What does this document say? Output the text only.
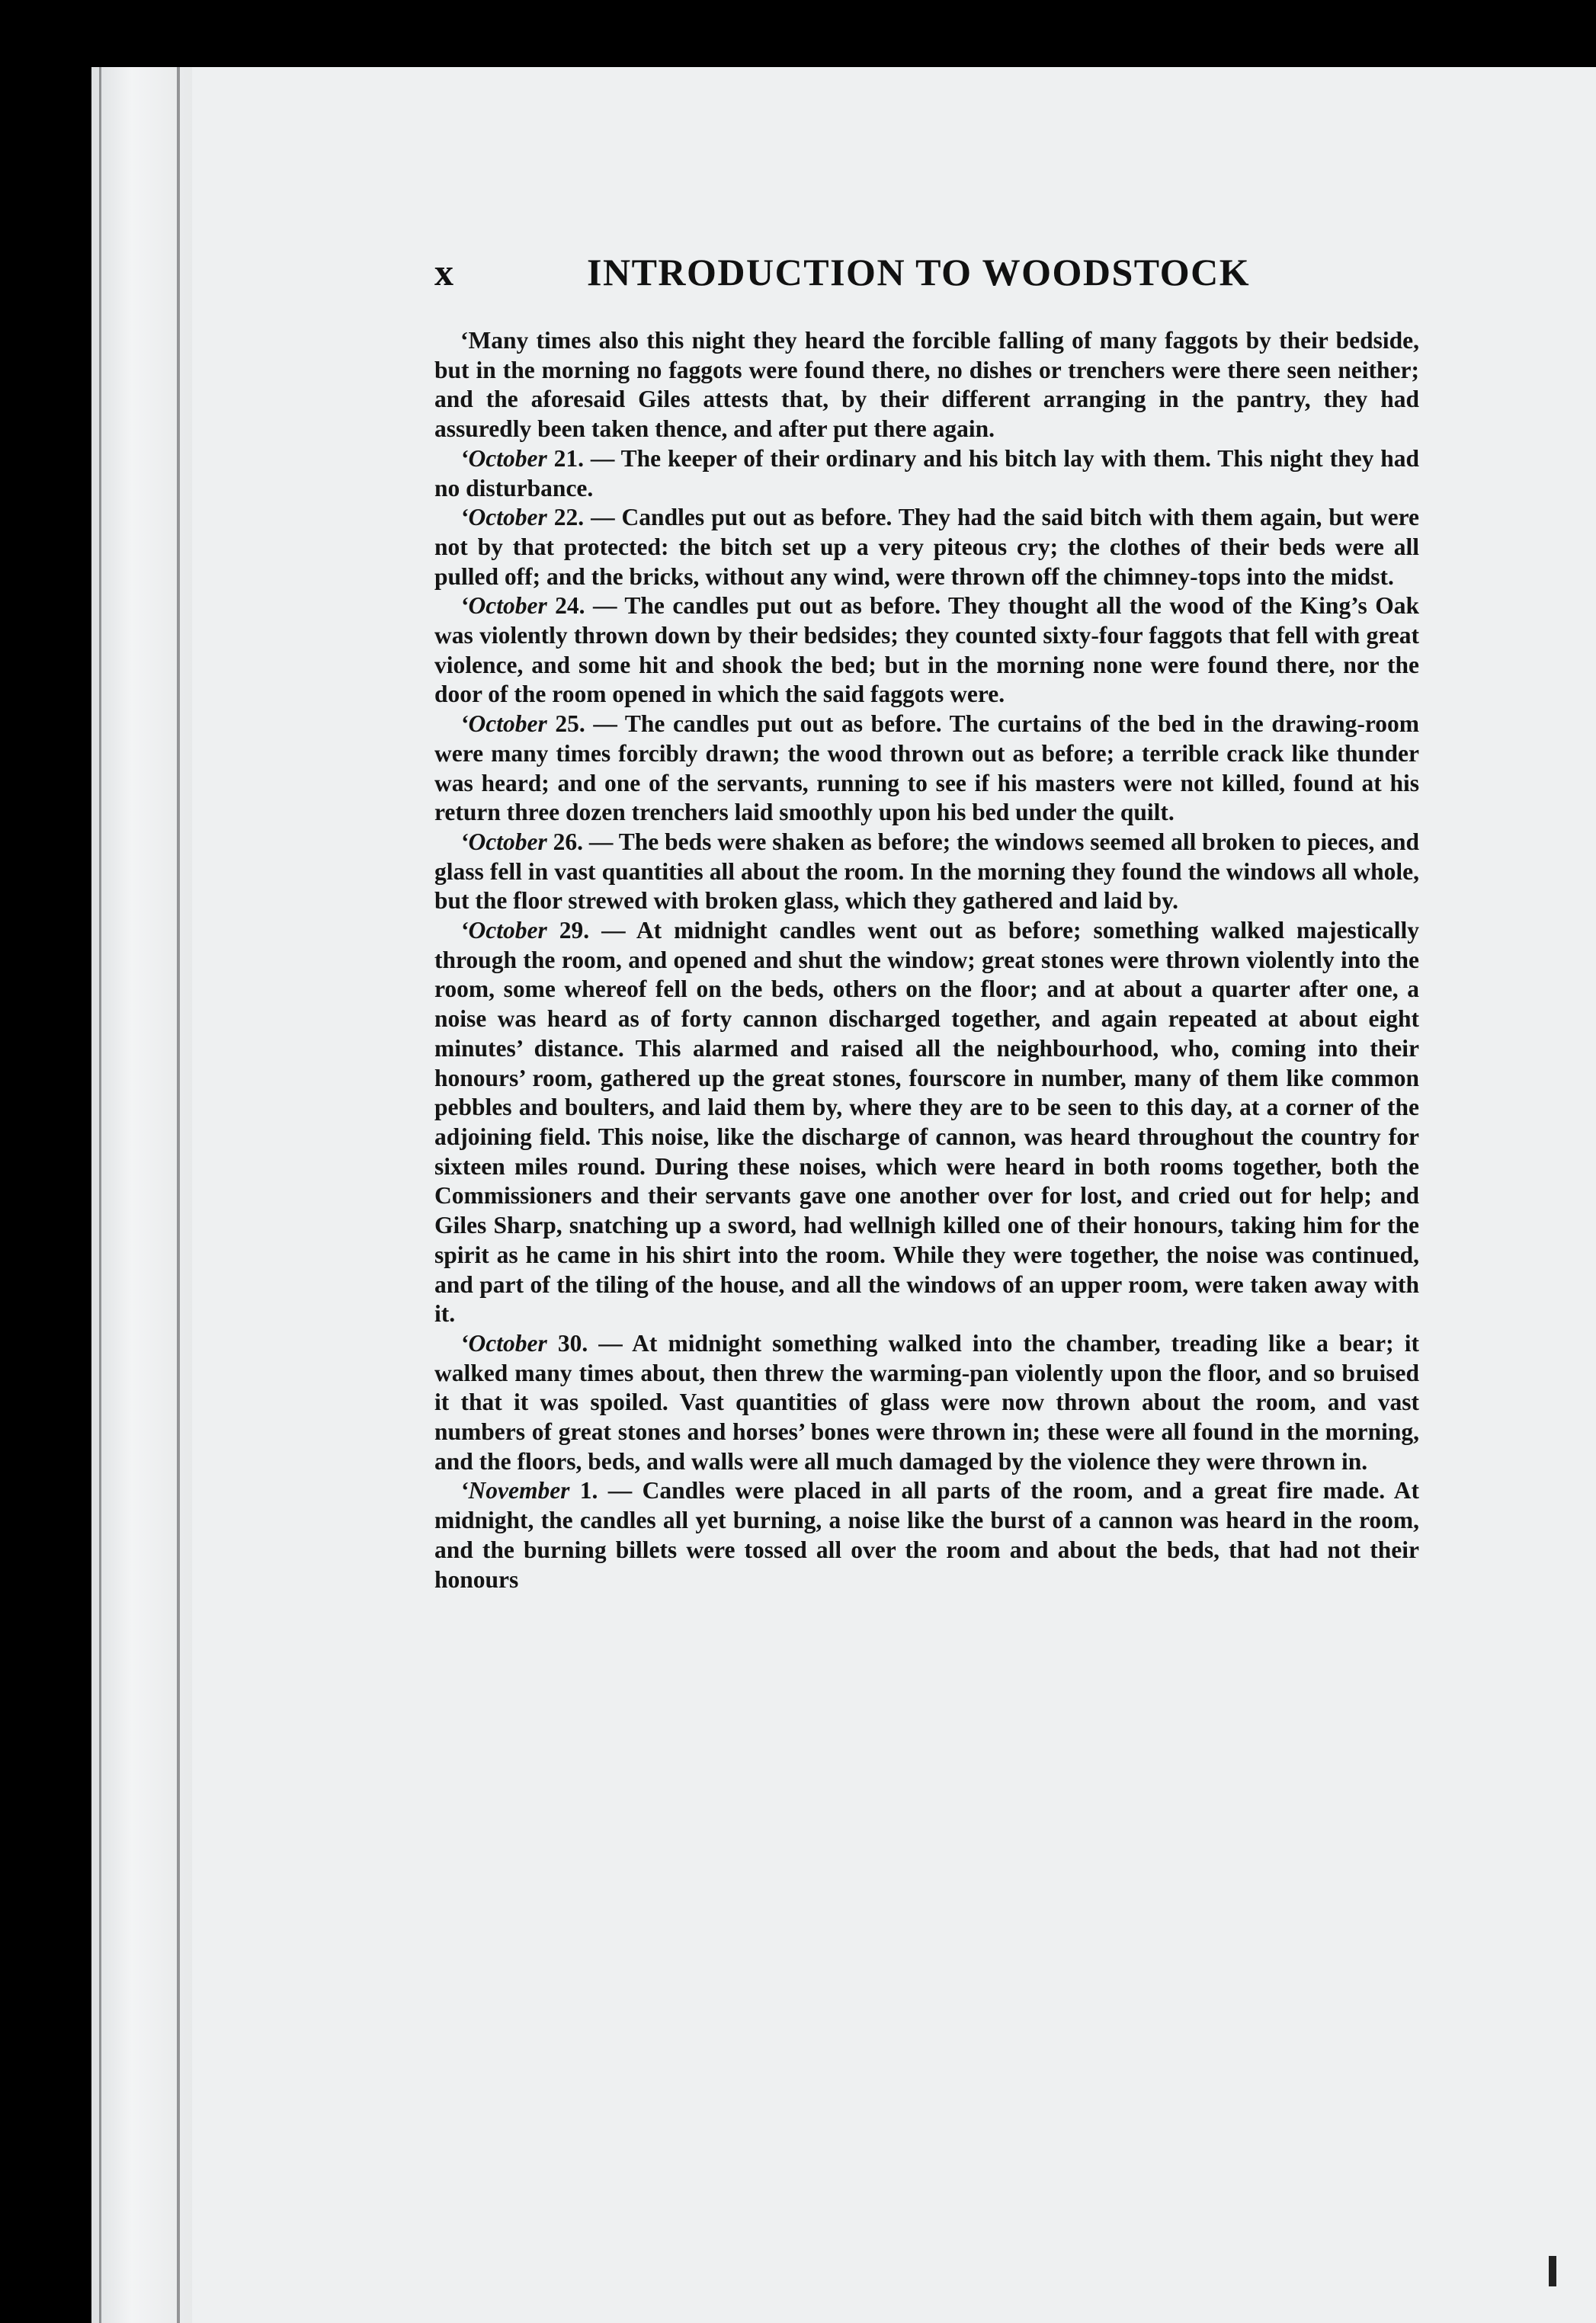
x	INTRODUCTION TO WOODSTOCK

‘Many times also this night they heard the forcible falling of many faggots by their bedside, but in the morning no faggots were found there, no dishes or trenchers were there seen neither; and the aforesaid Giles attests that, by their different arranging in the pantry, they had assuredly been taken thence, and after put there again.

‘October 21. — The keeper of their ordinary and his bitch lay with them. This night they had no disturbance.

‘October 22. — Candles put out as before. They had the said bitch with them again, but were not by that protected: the bitch set up a very piteous cry; the clothes of their beds were all pulled off; and the bricks, without any wind, were thrown off the chimney-tops into the midst.

‘October 24. — The candles put out as before. They thought all the wood of the King’s Oak was violently thrown down by their bedsides; they counted sixty-four faggots that fell with great violence, and some hit and shook the bed; but in the morning none were found there, nor the door of the room opened in which the said faggots were.

‘October 25. — The candles put out as before. The curtains of the bed in the drawing-room were many times forcibly drawn; the wood thrown out as before; a terrible crack like thunder was heard; and one of the servants, running to see if his masters were not killed, found at his return three dozen trenchers laid smoothly upon his bed under the quilt.

‘October 26. — The beds were shaken as before; the windows seemed all broken to pieces, and glass fell in vast quantities all about the room. In the morning they found the windows all whole, but the floor strewed with broken glass, which they gathered and laid by.

‘October 29. — At midnight candles went out as before; something walked majestically through the room, and opened and shut the window; great stones were thrown violently into the room, some whereof fell on the beds, others on the floor; and at about a quarter after one, a noise was heard as of forty cannon discharged together, and again repeated at about eight minutes’ distance. This alarmed and raised all the neighbourhood, who, coming into their honours’ room, gathered up the great stones, fourscore in number, many of them like common pebbles and boulters, and laid them by, where they are to be seen to this day, at a corner of the adjoining field. This noise, like the discharge of cannon, was heard throughout the country for sixteen miles round. During these noises, which were heard in both rooms together, both the Commissioners and their servants gave one another over for lost, and cried out for help; and Giles Sharp, snatching up a sword, had wellnigh killed one of their honours, taking him for the spirit as he came in his shirt into the room. While they were together, the noise was continued, and part of the tiling of the house, and all the windows of an upper room, were taken away with it.

‘October 30. — At midnight something walked into the chamber, treading like a bear; it walked many times about, then threw the warming-pan violently upon the floor, and so bruised it that it was spoiled. Vast quantities of glass were now thrown about the room, and vast numbers of great stones and horses’ bones were thrown in; these were all found in the morning, and the floors, beds, and walls were all much damaged by the violence they were thrown in.

‘November 1. — Candles were placed in all parts of the room, and a great fire made. At midnight, the candles all yet burning, a noise like the burst of a cannon was heard in the room, and the burning billets were tossed all over the room and about the beds, that had not their honours
